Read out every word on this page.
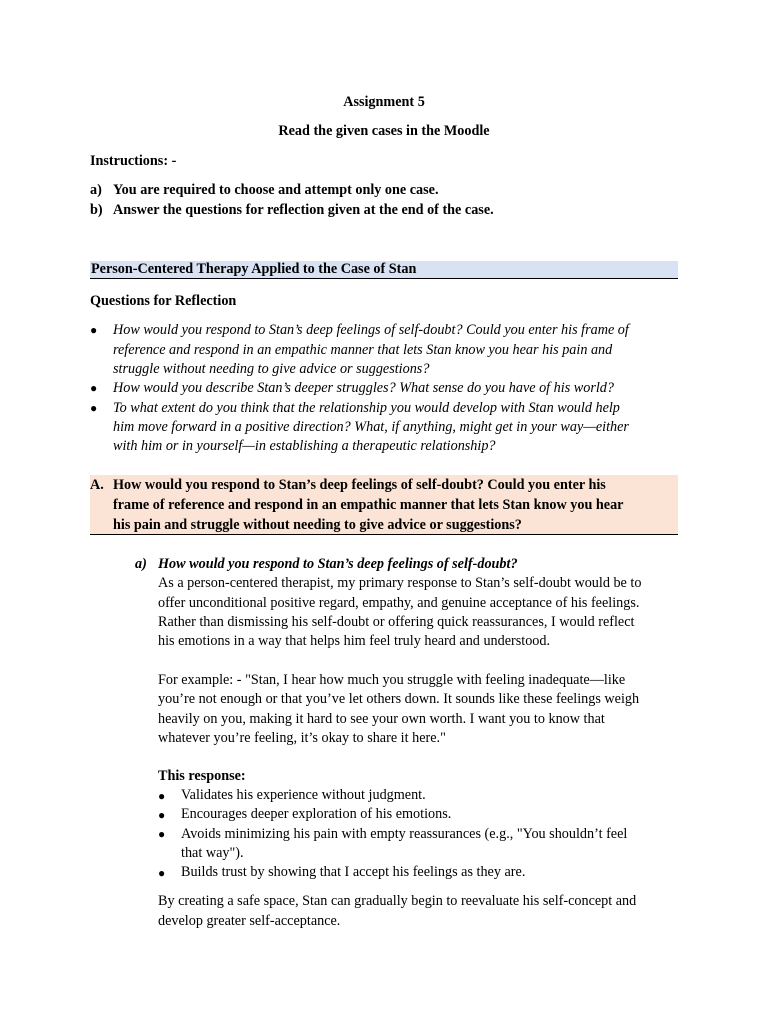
Assignment 5
Read the given cases in the Moodle
Instructions: -
a) You are required to choose and attempt only one case.
b) Answer the questions for reflection given at the end of the case.
Person-Centered Therapy Applied to the Case of Stan
Questions for Reflection
● How would you respond to Stan’s deep feelings of self-doubt? Could you enter his frame of
reference and respond in an empathic manner that lets Stan know you hear his pain and
struggle without needing to give advice or suggestions?
● How would you describe Stan’s deeper struggles? What sense do you have of his world?
● To what extent do you think that the relationship you would develop with Stan would help
him move forward in a positive direction? What, if anything, might get in your way—either
with him or in yourself—in establishing a therapeutic relationship?
A. How would you respond to Stan’s deep feelings of self-doubt? Could you enter his
frame of reference and respond in an empathic manner that lets Stan know you hear
his pain and struggle without needing to give advice or suggestions?
a) How would you respond to Stan’s deep feelings of self-doubt?
As a person-centered therapist, my primary response to Stan’s self-doubt would be to
offer unconditional positive regard, empathy, and genuine acceptance of his feelings.
Rather than dismissing his self-doubt or offering quick reassurances, I would reflect
his emotions in a way that helps him feel truly heard and understood.
For example: - "Stan, I hear how much you struggle with feeling inadequate—like
you’re not enough or that you’ve let others down. It sounds like these feelings weigh
heavily on you, making it hard to see your own worth. I want you to know that
whatever you’re feeling, it’s okay to share it here."
This response:
● Validates his experience without judgment.
● Encourages deeper exploration of his emotions.
● Avoids minimizing his pain with empty reassurances (e.g., "You shouldn’t feel
that way").
● Builds trust by showing that I accept his feelings as they are.
By creating a safe space, Stan can gradually begin to reevaluate his self-concept and
develop greater self-acceptance.
